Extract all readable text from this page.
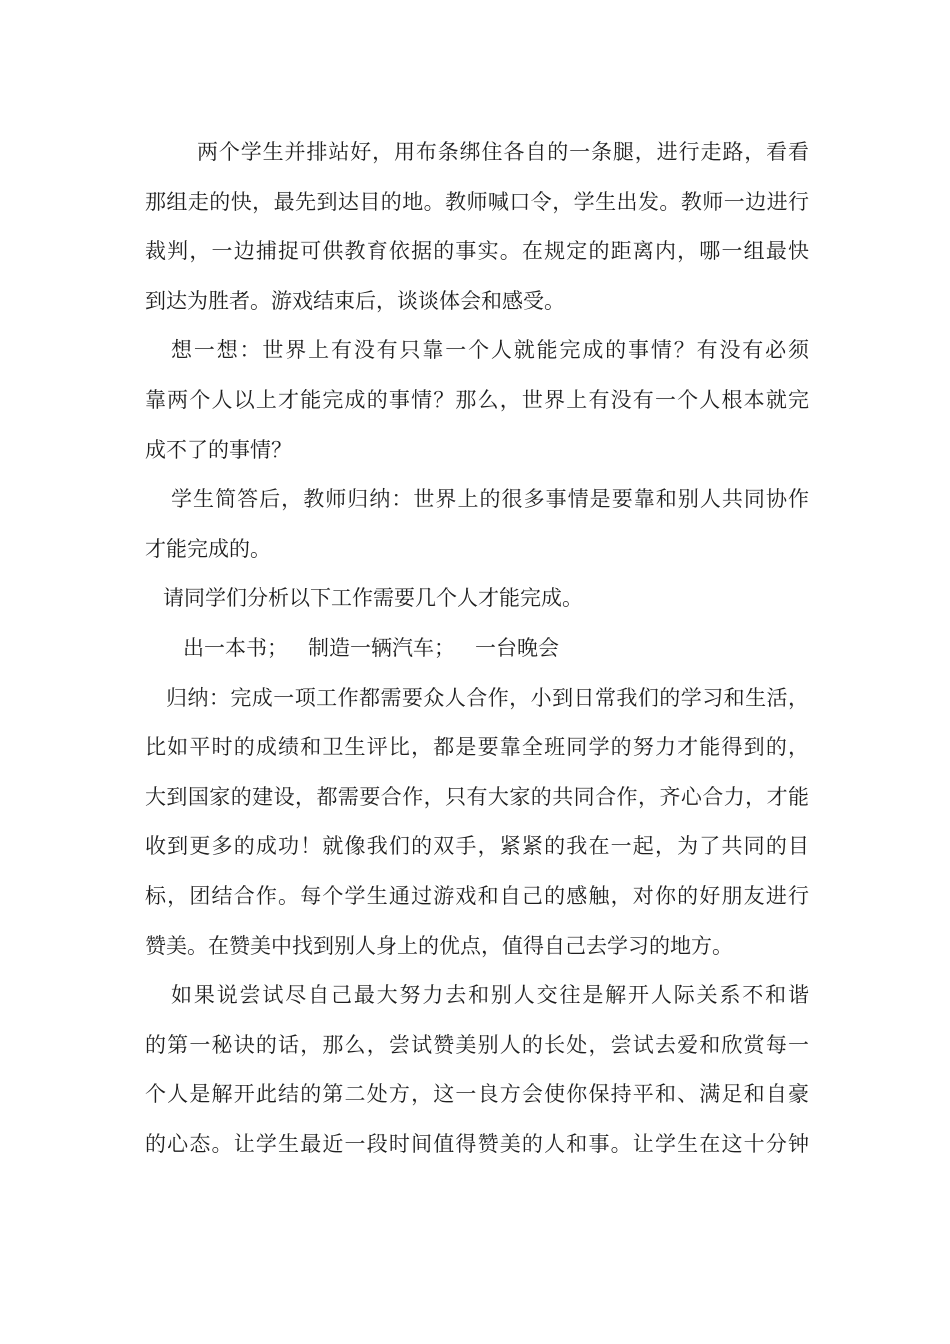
两个学生并排站好，用布条绑住各自的一条腿，进行走路，看看
那组走的快，最先到达目的地。教师喊口令，学生出发。教师一边进行
裁判，一边捕捉可供教育依据的事实。在规定的距离内，哪一组最快
到达为胜者。游戏结束后，谈谈体会和感受。
想一想：世界上有没有只靠一个人就能完成的事情？有没有必须
靠两个人以上才能完成的事情？那么，世界上有没有一个人根本就完
成不了的事情？
学生简答后，教师归纳：世界上的很多事情是要靠和别人共同协作
才能完成的。
请同学们分析以下工作需要几个人才能完成。
出一本书；   制造一辆汽车；   一台晚会
归纳：完成一项工作都需要众人合作，小到日常我们的学习和生活，
比如平时的成绩和卫生评比，都是要靠全班同学的努力才能得到的，
大到国家的建设，都需要合作，只有大家的共同合作，齐心合力，才能
收到更多的成功！就像我们的双手，紧紧的我在一起，为了共同的目
标，团结合作。每个学生通过游戏和自己的感触，对你的好朋友进行
赞美。在赞美中找到别人身上的优点，值得自己去学习的地方。
如果说尝试尽自己最大努力去和别人交往是解开人际关系不和谐
的第一秘诀的话，那么，尝试赞美别人的长处，尝试去爱和欣赏每一
个人是解开此结的第二处方，这一良方会使你保持平和、满足和自豪
的心态。让学生最近一段时间值得赞美的人和事。让学生在这十分钟
